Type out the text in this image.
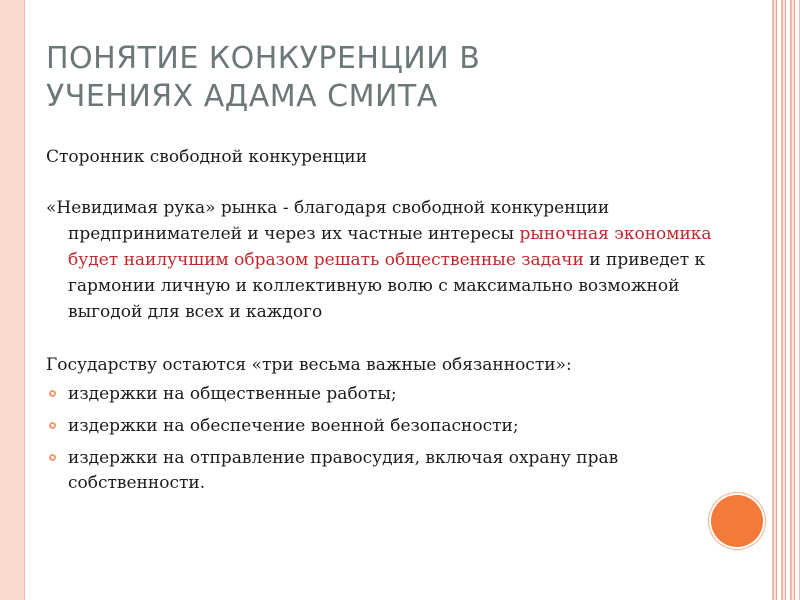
ПОНЯТИЕ КОНКУРЕНЦИИ В
УЧЕНИЯХ АДАМА СМИТА

Сторонник свободной конкуренции

«Невидимая рука» рынка - благодаря свободной конкуренции предпринимателей и через их частные интересы рыночная экономика будет наилучшим образом решать общественные задачи и приведет к гармонии личную и коллективную волю с максимально возможной выгодой для всех и каждого

Государству остаются «три весьма важные обязанности»:

издержки на общественные работы;
издержки на обеспечение военной безопасности;
издержки на отправление правосудия, включая охрану прав собственности.
